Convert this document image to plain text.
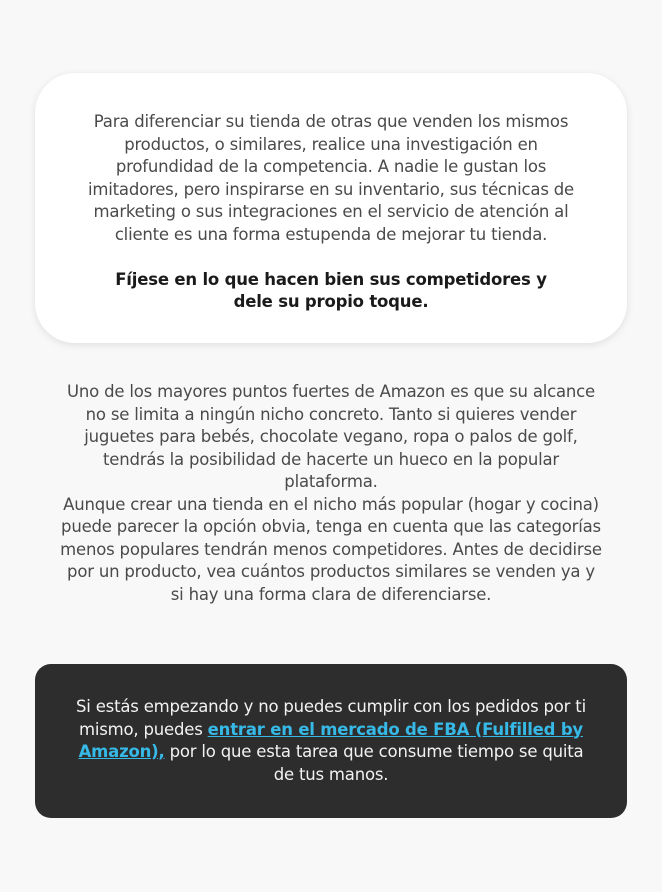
Para diferenciar su tienda de otras que venden los mismos productos, o similares, realice una investigación en profundidad de la competencia. A nadie le gustan los imitadores, pero inspirarse en su inventario, sus técnicas de marketing o sus integraciones en el servicio de atención al cliente es una forma estupenda de mejorar tu tienda.

Fíjese en lo que hacen bien sus competidores y dele su propio toque.

Uno de los mayores puntos fuertes de Amazon es que su alcance no se limita a ningún nicho concreto. Tanto si quieres vender juguetes para bebés, chocolate vegano, ropa o palos de golf, tendrás la posibilidad de hacerte un hueco en la popular plataforma.

Aunque crear una tienda en el nicho más popular (hogar y cocina) puede parecer la opción obvia, tenga en cuenta que las categorías menos populares tendrán menos competidores. Antes de decidirse por un producto, vea cuántos productos similares se venden ya y si hay una forma clara de diferenciarse.

Si estás empezando y no puedes cumplir con los pedidos por ti mismo, puedes entrar en el mercado de FBA (Fulfilled by Amazon), por lo que esta tarea que consume tiempo se quita de tus manos.
